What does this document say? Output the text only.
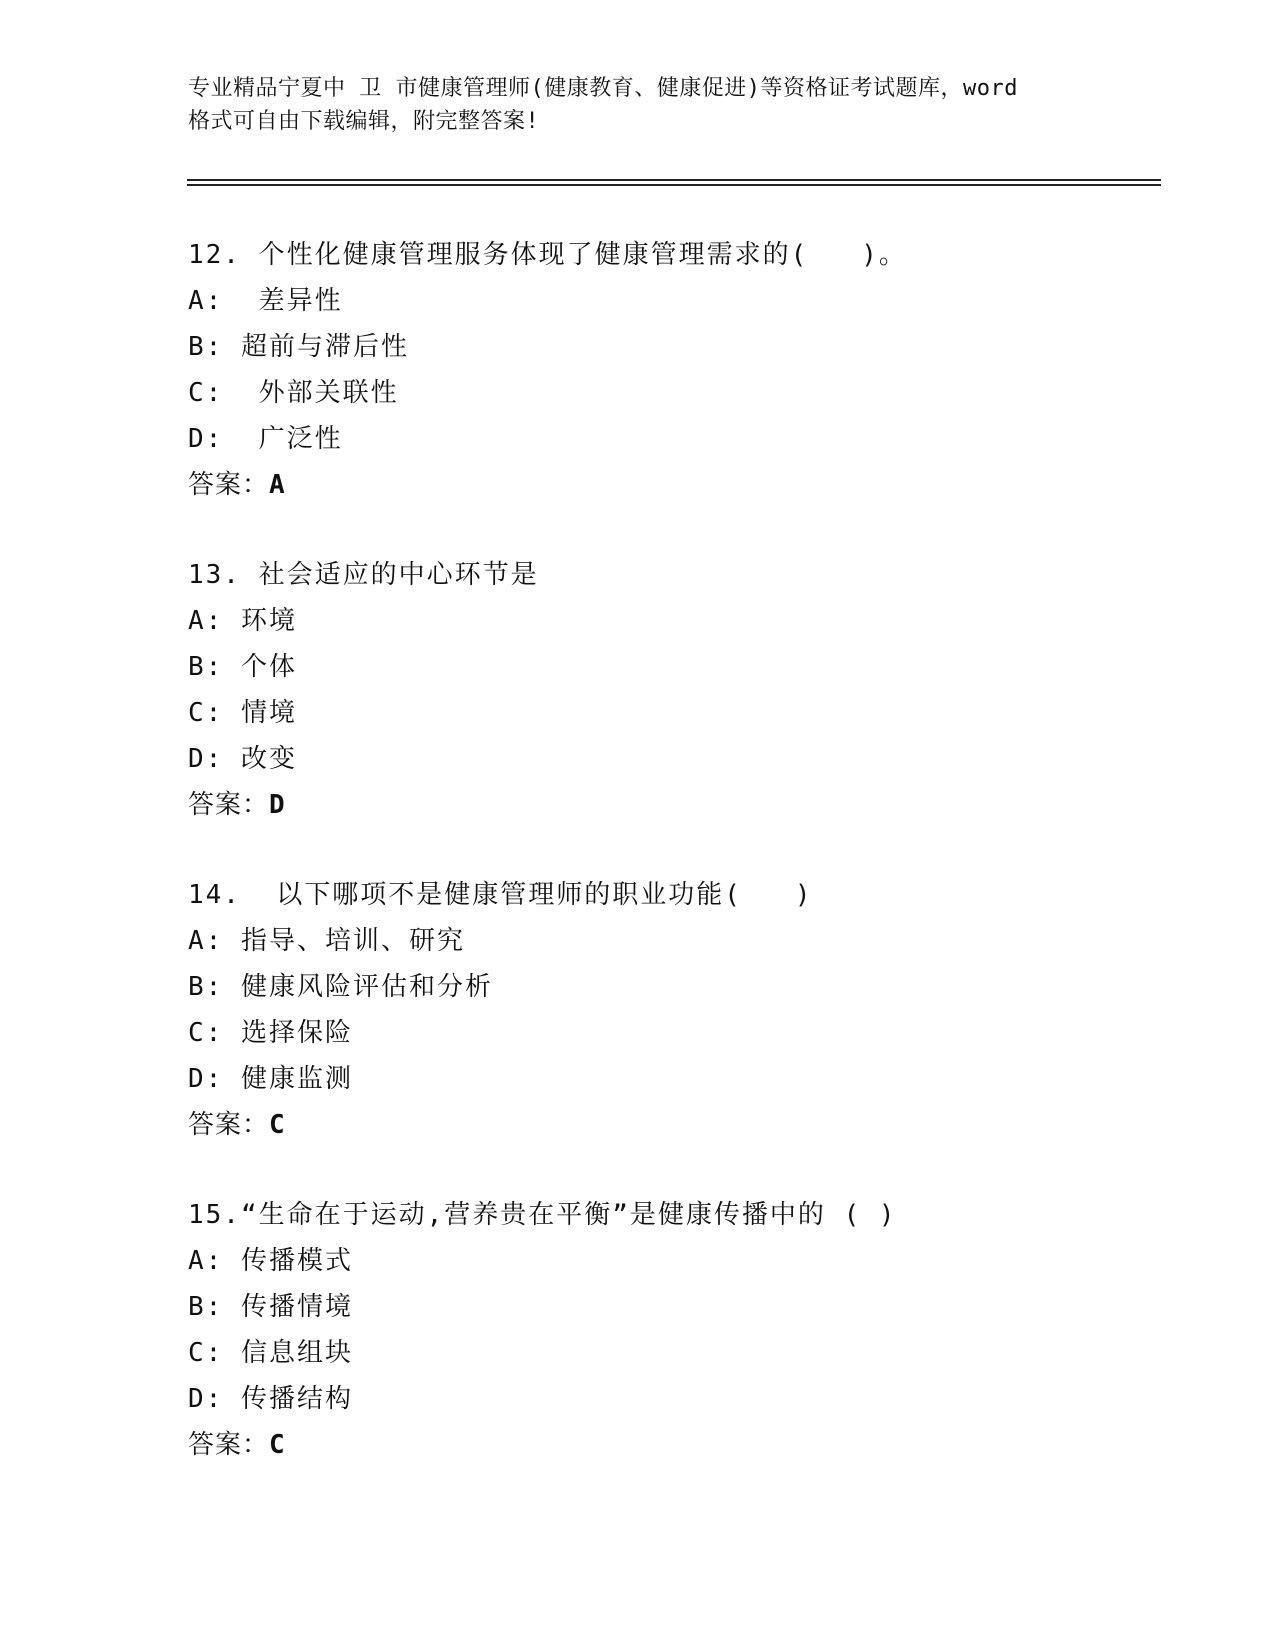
专业精品宁夏中 卫 市健康管理师(健康教育、健康促进)等资格证考试题库，word
格式可自由下载编辑，附完整答案!
12. 个性化健康管理服务体现了健康管理需求的(   )。
A:  差异性
B: 超前与滞后性
C:  外部关联性
D:  广泛性
答案：A
13. 社会适应的中心环节是
A: 环境
B: 个体
C: 情境
D: 改变
答案：D
14.  以下哪项不是健康管理师的职业功能(   )
A: 指导、培训、研究
B: 健康风险评估和分析
C: 选择保险
D: 健康监测
答案：C
15.“生命在于运动,营养贵在平衡”是健康传播中的 ( )
A: 传播模式
B: 传播情境
C: 信息组块
D: 传播结构
答案：C
